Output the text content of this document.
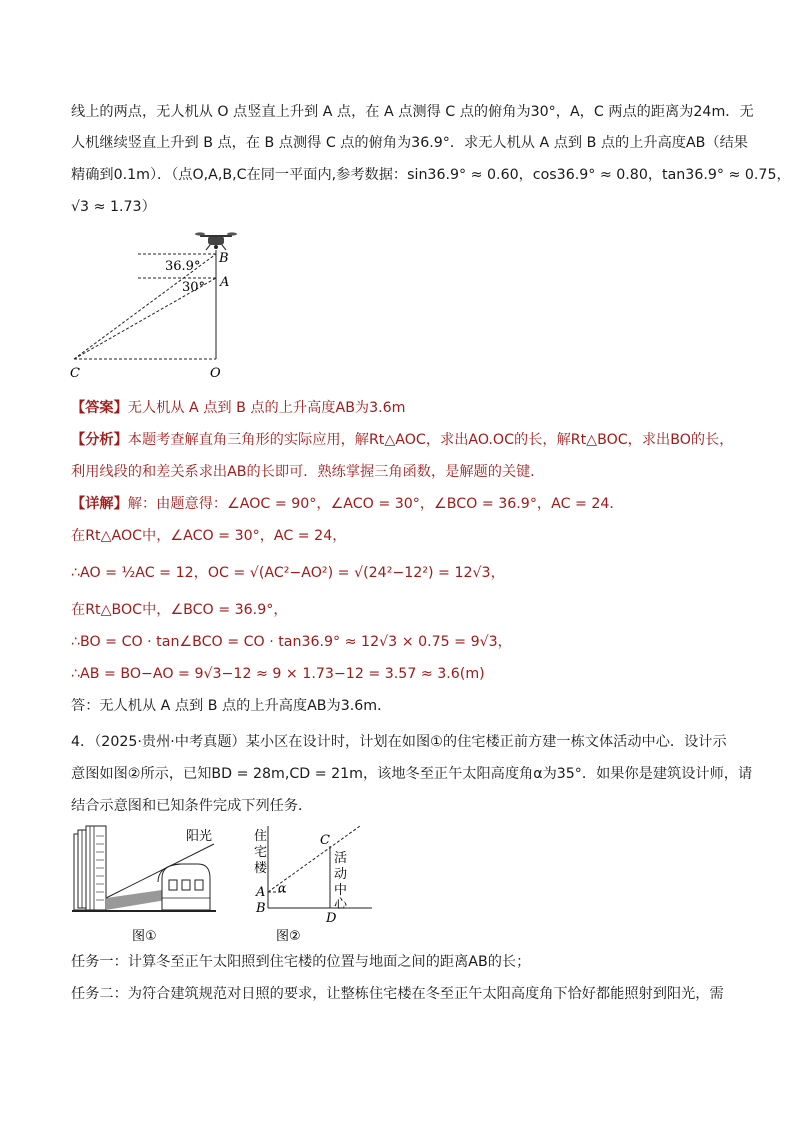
线上的两点，无人机从 O 点竖直上升到 A 点，在 A 点测得 C 点的俯角为30°，A，C 两点的距离为24m．无
人机继续竖直上升到 B 点，在 B 点测得 C 点的俯角为36.9°．求无人机从 A 点到 B 点的上升高度AB（结果
精确到0.1m）．（点O,A,B,C在同一平面内,参考数据：sin36.9° ≈ 0.60，cos36.9° ≈ 0.80，tan36.9° ≈ 0.75，
√3 ≈ 1.73）
B
A
C	O
36.9°
30°
【答案】无人机从 A 点到 B 点的上升高度AB为3.6m
【分析】本题考查解直角三角形的实际应用，解Rt△AOC，求出AO.OC的长，解Rt△BOC，求出BO的长，
利用线段的和差关系求出AB的长即可．熟练掌握三角函数，是解题的关键．
【详解】解：由题意得：∠AOC = 90°，∠ACO = 30°，∠BCO = 36.9°，AC = 24．
在Rt△AOC中，∠ACO = 30°，AC = 24，
∴AO = ½AC = 12，OC = √(AC²−AO²) = √(24²−12²) = 12√3，
在Rt△BOC中，∠BCO = 36.9°，
∴BO = CO · tan∠BCO = CO · tan36.9° ≈ 12√3 × 0.75 = 9√3，
∴AB = BO−AO = 9√3−12 ≈ 9 × 1.73−12 = 3.57 ≈ 3.6(m)
答：无人机从 A 点到 B 点的上升高度AB为3.6m．
4．（2025·贵州·中考真题）某小区在设计时，计划在如图①的住宅楼正前方建一栋文体活动中心．设计示
意图如图②所示，已知BD = 28m,CD = 21m，该地冬至正午太阳高度角α为35°．如果你是建筑设计师，请
结合示意图和已知条件完成下列任务．
阳光
图①
住
宅
楼
活
动
中
心
C
A
B
D
α
图②
任务一：计算冬至正午太阳照到住宅楼的位置与地面之间的距离AB的长；
任务二：为符合建筑规范对日照的要求，让整栋住宅楼在冬至正午太阳高度角下恰好都能照射到阳光，需
